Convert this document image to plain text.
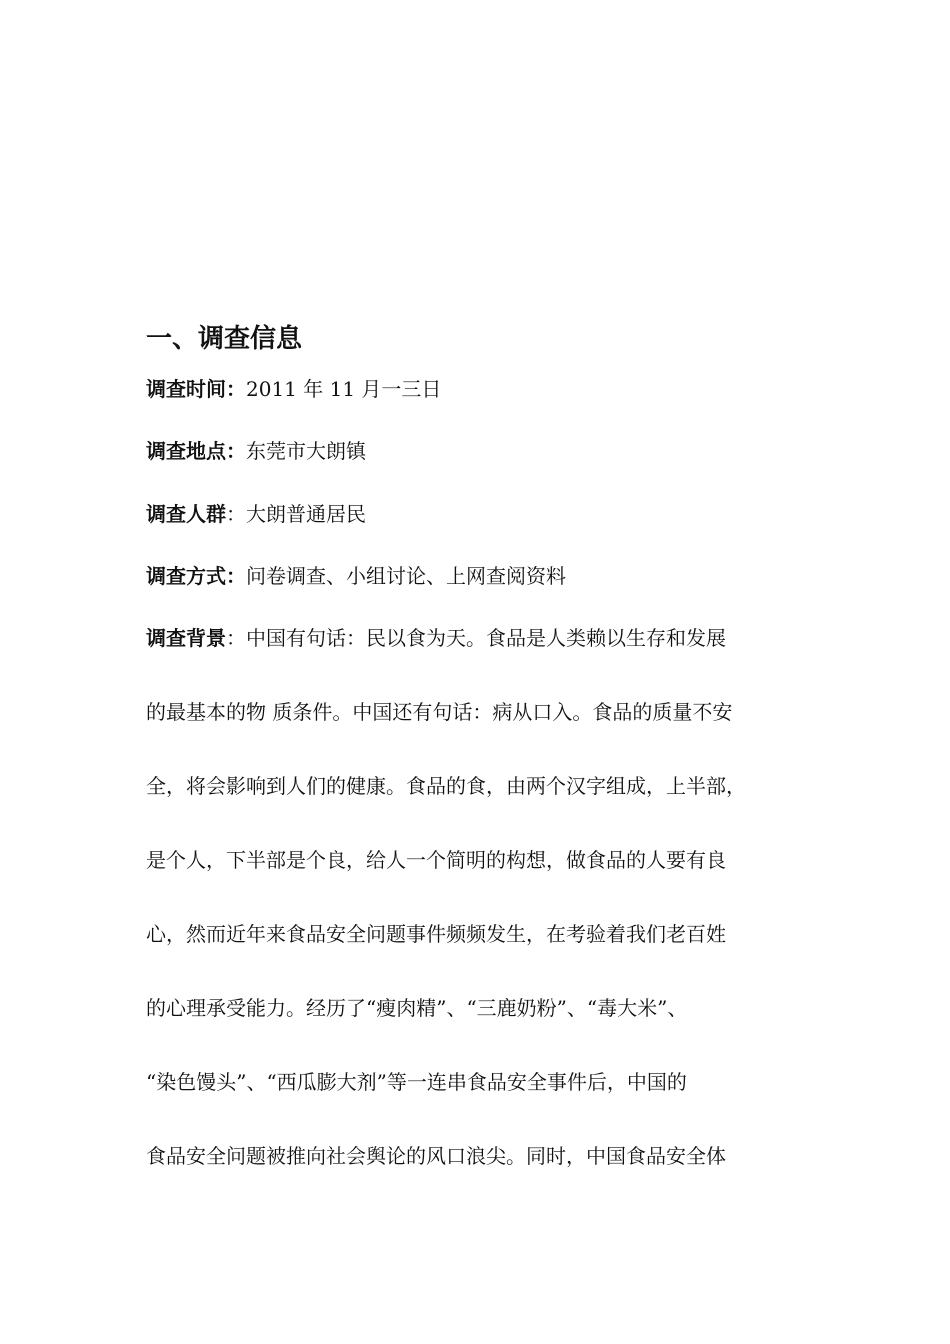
一、调查信息
调查时间：2011 年 11 月一三日
调查地点：东莞市大朗镇
调查人群：大朗普通居民
调查方式：问卷调查、小组讨论、上网查阅资料
调查背景：中国有句话：民以食为天。食品是人类赖以生存和发展
的最基本的物 质条件。中国还有句话：病从口入。食品的质量不安
全，将会影响到人们的健康。食品的食，由两个汉字组成，上半部，
是个人，下半部是个良，给人一个简明的构想，做食品的人要有良
心，然而近年来食品安全问题事件频频发生，在考验着我们老百姓
的心理承受能力。经历了“瘦肉精”、“三鹿奶粉”、“毒大米”、
“染色馒头”、“西瓜膨大剂”等一连串食品安全事件后，中国的
食品安全问题被推向社会舆论的风口浪尖。同时，中国食品安全体
